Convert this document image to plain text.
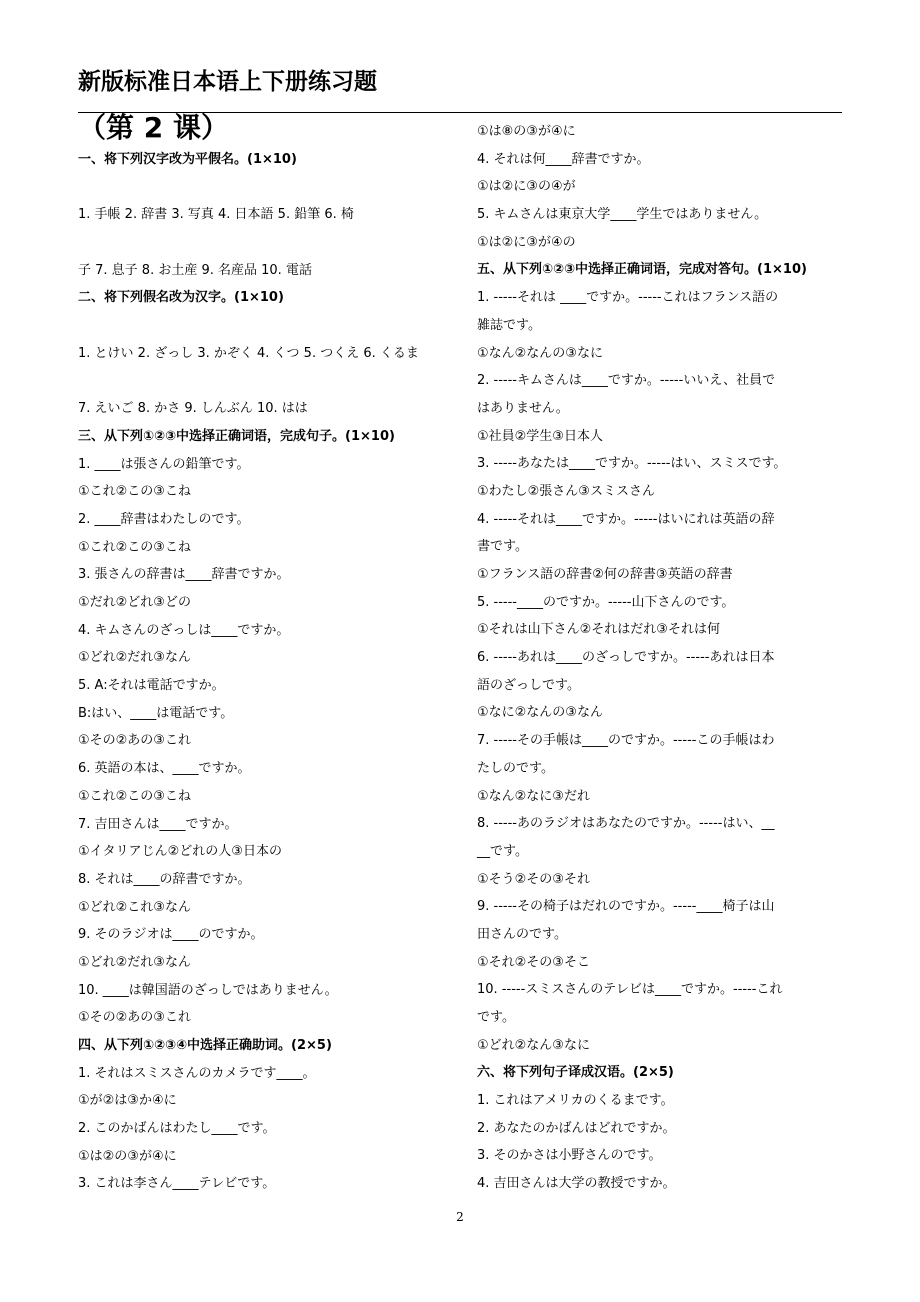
新版标准日本语上下册练习题
（第 2 课）
一、将下列汉字改为平假名。(1×10)
1. 手帳 2. 辞書 3. 写真 4. 日本語 5. 鉛筆 6. 椅
子 7. 息子 8. お土産 9. 名産品 10. 電話
二、将下列假名改为汉字。(1×10)
1. とけい 2. ざっし 3. かぞく 4. くつ 5. つくえ 6. くるま
7. えいご 8. かさ 9. しんぶん 10. はは
三、从下列①②③中选择正确词语，完成句子。(1×10)
1. ____は張さんの鉛筆です。
①これ②この③こね
2. ____辞書はわたしのです。
①これ②この③こね
3. 張さんの辞書は____辞書ですか。
①だれ②どれ③どの
4. キムさんのざっしは____ですか。
①どれ②だれ③なん
5. A:それは電話ですか。
B:はい、____は電話です。
①その②あの③これ
6. 英語の本は、____ですか。
①これ②この③こね
7. 吉田さんは____ですか。
①イタリアじん②どれの人③日本の
8. それは____の辞書ですか。
①どれ②これ③なん
9. そのラジオは____のですか。
①どれ②だれ③なん
10. ____は韓国語のざっしではありません。
①その②あの③これ
四、从下列①②③④中选择正确助词。(2×5)
1. それはスミスさんのカメラです____。
①が②は③か④に
2. このかばんはわたし____です。
①は②の③が④に
3. これは李さん____テレビです。
①は⑧の③が④に
4. それは何____辞書ですか。
①は②に③の④が
5. キムさんは東京大学____学生ではありません。
①は②に③が④の
五、从下列①②③中选择正确词语，完成对答句。(1×10)
1. -----それは ____ですか。-----これはフランス語の
雑誌です。
①なん②なんの③なに
2. -----キムさんは____ですか。-----いいえ、社員で
はありません。
①社員②学生③日本人
3. -----あなたは____ですか。-----はい、スミスです。
①わたし②張さん③スミスさん
4. -----それは____ですか。-----はいにれは英語の辞
書です。
①フランス語の辞書②何の辞書③英語の辞書
5. -----____のですか。-----山下さんのです。
①それは山下さん②それはだれ③それは何
6. -----あれは____のざっしですか。-----あれは日本
語のざっしです。
①なに②なんの③なん
7. -----その手帳は____のですか。-----この手帳はわ
たしのです。
①なん②なに③だれ
8. -----あのラジオはあなたのですか。-----はい、__
__です。
①そう②その③それ
9. -----その椅子はだれのですか。-----____椅子は山
田さんのです。
①それ②その③そこ
10. -----スミスさんのテレビは____ですか。-----これ
です。
①どれ②なん③なに
六、将下列句子译成汉语。(2×5)
1. これはアメリカのくるまです。
2. あなたのかばんはどれですか。
3. そのかさは小野さんのです。
4. 吉田さんは大学の教授ですか。
2
